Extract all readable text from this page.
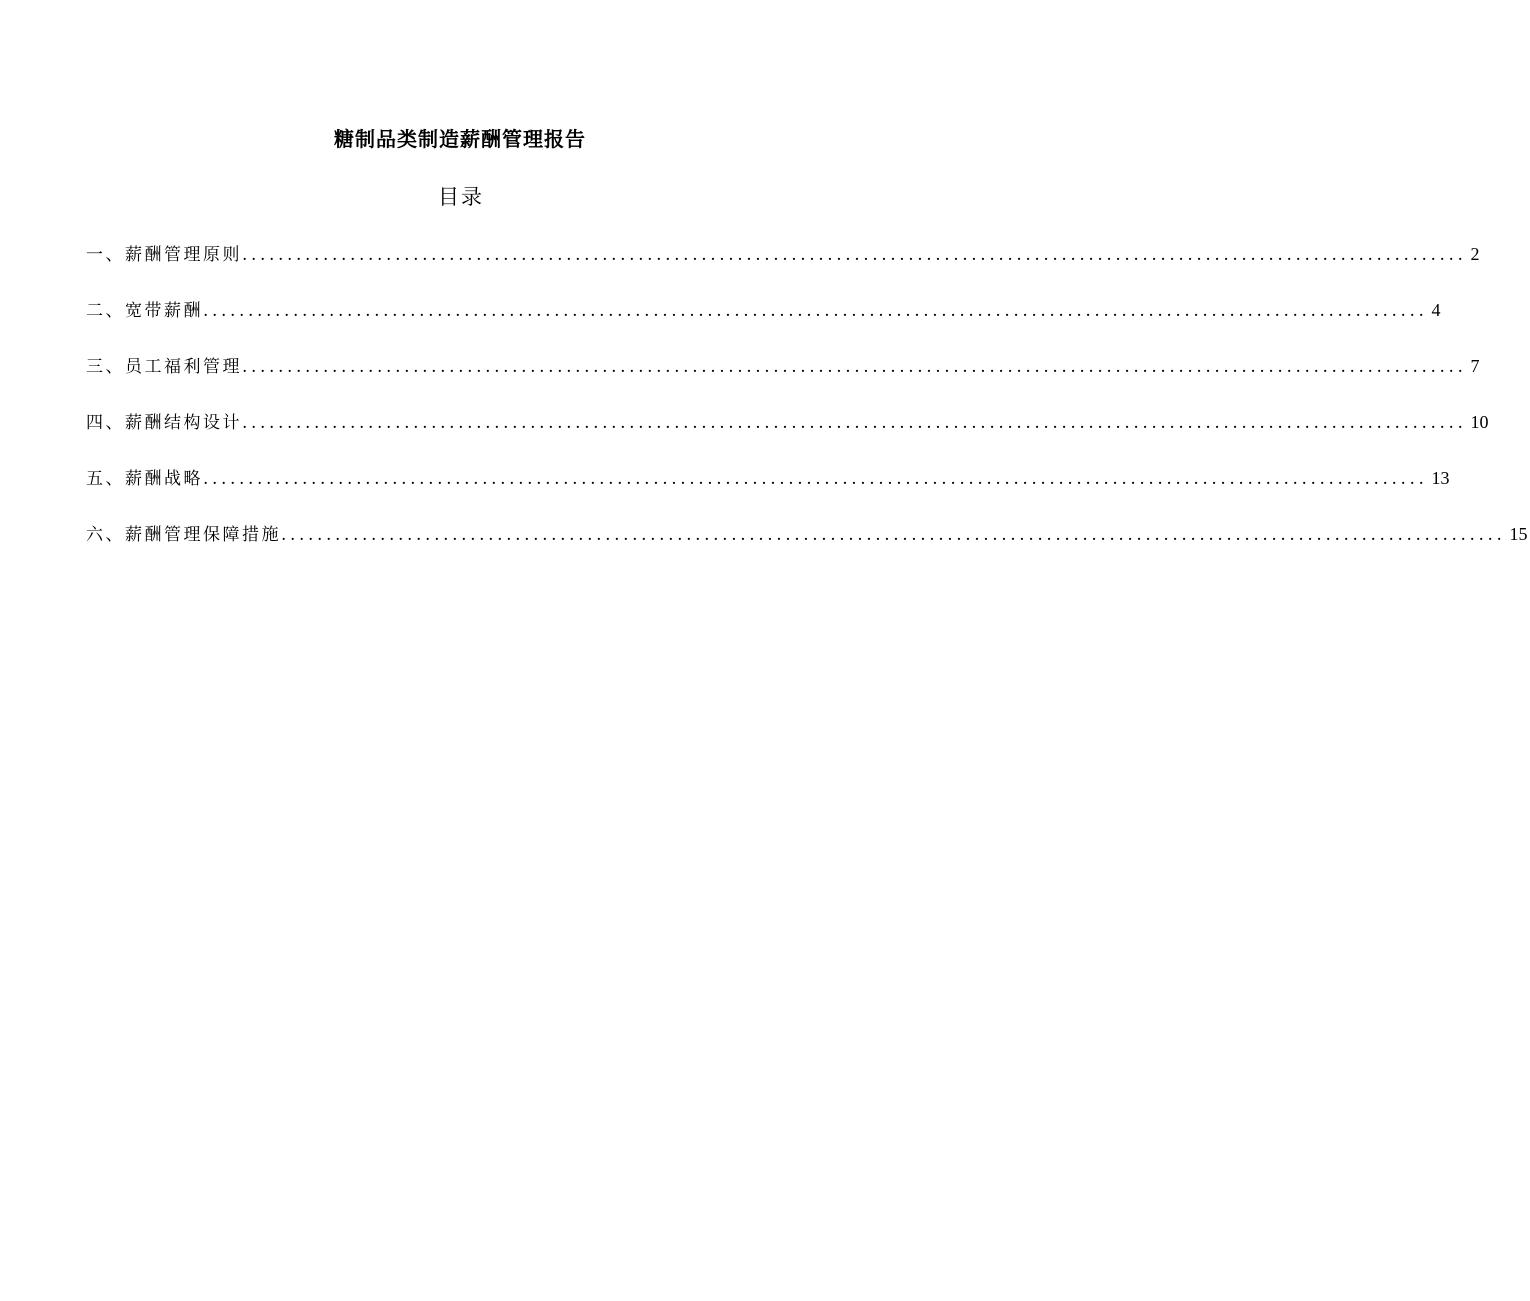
糖制品类制造薪酬管理报告
目录
一、薪酬管理原则 ........................................................................................................................................ 2
二、宽带薪酬 ........................................................................................................................................ 4
三、员工福利管理 ........................................................................................................................................ 7
四、薪酬结构设计 ........................................................................................................................................ 10
五、薪酬战略 ........................................................................................................................................ 13
六、薪酬管理保障措施 ........................................................................................................................................ 15
